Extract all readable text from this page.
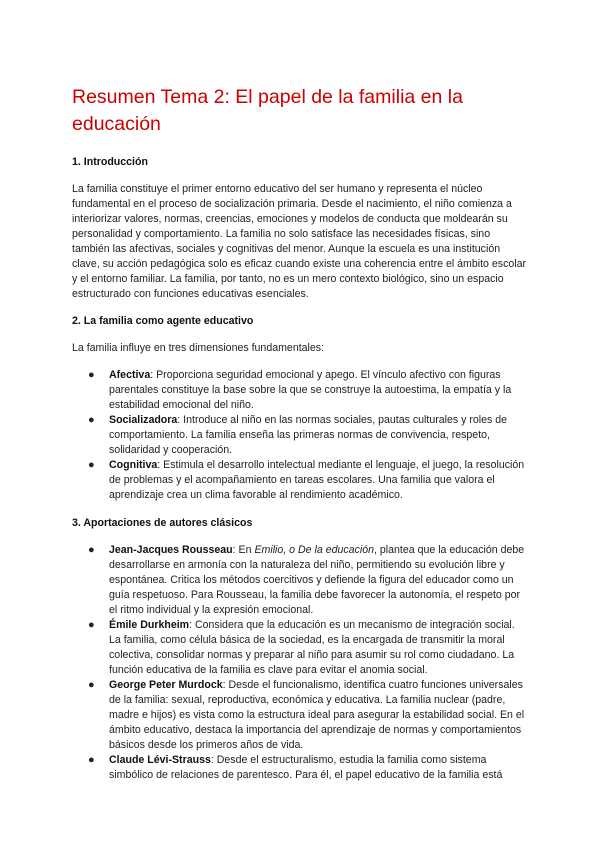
Resumen Tema 2: El papel de la familia en la educación
1. Introducción

La familia constituye el primer entorno educativo del ser humano y representa el núcleo fundamental en el proceso de socialización primaria. Desde el nacimiento, el niño comienza a interiorizar valores, normas, creencias, emociones y modelos de conducta que moldearán su personalidad y comportamiento. La familia no solo satisface las necesidades físicas, sino también las afectivas, sociales y cognitivas del menor. Aunque la escuela es una institución clave, su acción pedagógica solo es eficaz cuando existe una coherencia entre el ámbito escolar y el entorno familiar. La familia, por tanto, no es un mero contexto biológico, sino un espacio estructurado con funciones educativas esenciales.

2. La familia como agente educativo

La familia influye en tres dimensiones fundamentales:

● Afectiva: Proporciona seguridad emocional y apego. El vínculo afectivo con figuras parentales constituye la base sobre la que se construye la autoestima, la empatía y la estabilidad emocional del niño.
● Socializadora: Introduce al niño en las normas sociales, pautas culturales y roles de comportamiento. La familia enseña las primeras normas de convivencia, respeto, solidaridad y cooperación.
● Cognitiva: Estimula el desarrollo intelectual mediante el lenguaje, el juego, la resolución de problemas y el acompañamiento en tareas escolares. Una familia que valora el aprendizaje crea un clima favorable al rendimiento académico.
3. Aportaciones de autores clásicos
● Jean-Jacques Rousseau: En Emilio, o De la educación, plantea que la educación debe desarrollarse en armonía con la naturaleza del niño, permitiendo su evolución libre y espontánea. Critica los métodos coercitivos y defiende la figura del educador como un guía respetuoso. Para Rousseau, la familia debe favorecer la autonomía, el respeto por el ritmo individual y la expresión emocional.
● Émile Durkheim: Considera que la educación es un mecanismo de integración social. La familia, como célula básica de la sociedad, es la encargada de transmitir la moral colectiva, consolidar normas y preparar al niño para asumir su rol como ciudadano. La función educativa de la familia es clave para evitar el anomia social.
● George Peter Murdock: Desde el funcionalismo, identifica cuatro funciones universales de la familia: sexual, reproductiva, económica y educativa. La familia nuclear (padre, madre e hijos) es vista como la estructura ideal para asegurar la estabilidad social. En el ámbito educativo, destaca la importancia del aprendizaje de normas y comportamientos básicos desde los primeros años de vida.
● Claude Lévi-Strauss: Desde el estructuralismo, estudia la familia como sistema simbólico de relaciones de parentesco. Para él, el papel educativo de la familia está
